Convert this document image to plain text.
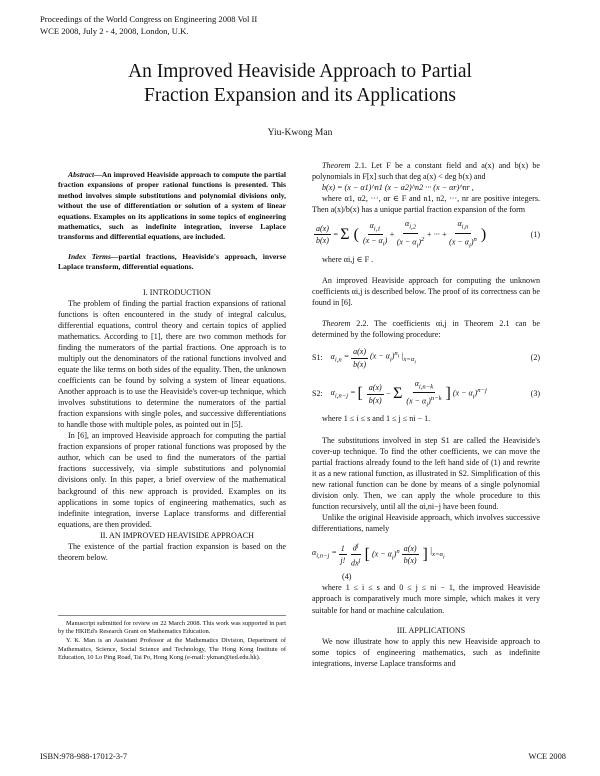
Proceedings of the World Congress on Engineering 2008 Vol II
WCE 2008, July 2 - 4, 2008, London, U.K.
An Improved Heaviside Approach to Partial
Fraction Expansion and its Applications
Yiu-Kwong Man

Abstract—An improved Heaviside approach to compute the partial fraction expansions of proper rational functions is presented. This method involves simple substitutions and polynomial divisions only, without the use of differentiation or solution of a system of linear equations. Examples on its applications in some topics of engineering mathematics, such as indefinite integration, inverse Laplace transforms and differential equations, are included.

Index Terms—partial fractions, Heaviside's approach, inverse Laplace transform, differential equations.

I. INTRODUCTION

The problem of finding the partial fraction expansions of rational functions is often encountered in the study of integral calculus, differential equations, control theory and certain topics of applied mathematics. According to [1], there are two common methods for finding the numerators of the partial fractions. One approach is to multiply out the denominators of the rational functions involved and equate the like terms on both sides of the equality. Then, the unknown coefficients can be found by solving a system of linear equations. Another approach is to use the Heaviside's cover-up technique, which involves substitutions to determine the numerators of the partial fraction expansions with single poles, and successive differentiations to handle those with multiple poles, as pointed out in [5].

In [6], an improved Heaviside approach for computing the partial fraction expansions of proper rational functions was proposed by the author, which can be used to find the numerators of the partial fractions successively, via simple substitutions and polynomial divisions only. In this paper, a brief overview of the mathematical background of this new approach is provided. Examples on its applications in some topics of engineering mathematics, such as indefinite integration, inverse Laplace transforms and differential equations, are then provided.

II. AN IMPROVED HEAVISIDE APPROACH

The existence of the partial fraction expansion is based on the theorem below.

Manuscript submitted for review on 22 March 2008. This work was supported in part by the HKIEd's Research Grant on Mathematics Education.
Y. K. Man is an Assistant Professor at the Mathematics Division, Department of Mathematics, Science, Social Science and Technology, The Hong Kong Institute of Education, 10 Lo Ping Road, Tai Po, Hong Kong (e-mail: ykman@ied.edu.hk).

Theorem 2.1. Let F be a constant field and a(x) and b(x) be polynomials in F[x] such that deg a(x) < deg b(x) and

b(x) = (x − α1)^n1 (x − α2)^n2 ··· (x − αr)^nr ,

where α1, α2, ···, αr ∈ F and n1, n2, ···, nr are positive integers. Then a(x)/b(x) has a unique partial fraction expansion of the form

$\frac{a(x)}{b(x)} = \Sigma$ (
$\alpha_{i,1}$
$(x - \alpha_i)$
+ $\frac{\alpha_{i,2}}{(x - \alpha_i)^2}$ + ··· + $\frac{\alpha_{i,n}}{(x - \alpha_i)^n}$ )	(1)

where αi,j ∈ F .

An improved Heaviside approach for computing the unknown coefficients αi,j is described below. The proof of its correctness can be found in [6].

Theorem 2.2. The coefficients αi,j in Theorem 2.1 can be determined by the following procedure:

S1: $\alpha_{i,n} = \frac{a(x)}{b(x)} (x - \alpha_i)^{n_i}$ $|_{x=\alpha_i}$	(2)
S2: $\alpha_{i,n-j}$ = [ a(x)
b(x)
− Σ
$\alpha_{i,n-k}$
$(x - \alpha_i)^{n-k}$ ] $(x - \alpha_i)^{n-j}$	(3)

where 1 ≤ i ≤ s and 1 ≤ j ≤ ni − 1.

The substitutions involved in step S1 are called the Heaviside's cover-up technique. To find the other coefficients, we can move the partial fractions already found to the left hand side of (1) and rewrite it as a new rational function, as illustrated in S2. Simplification of this new rational function can be done by means of a single polynomial division only. Then, we can apply the whole procedure to this function recursively, until all the αi,ni−j have been found.

Unlike the original Heaviside approach, which involves successive differentiations, namely

$\alpha_{i,n-j} = \frac{1}{j!} d^j$
$dx^j$ [ $(x - \alpha_i)^n$ a(x)
b(x) ] $|_{x=\alpha_i}$

(4)

where 1 ≤ i ≤ s and 0 ≤ j ≤ ni − 1, the improved Heaviside approach is comparatively much more simple, which makes it very suitable for hand or machine calculation.

III. APPLICATIONS

We now illustrate how to apply this new Heaviside approach to some topics of engineering mathematics, such as indefinite integrations, inverse Laplace transforms and

ISBN:978-988-17012-3-7	WCE 2008
